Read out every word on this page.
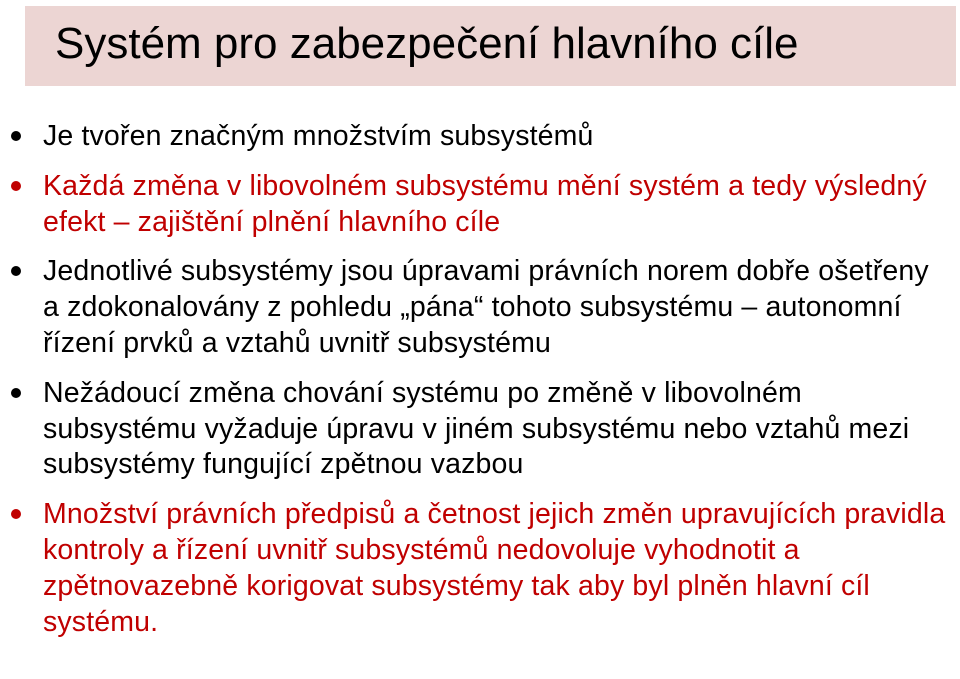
Systém pro zabezpečení hlavního cíle
Je tvořen značným množstvím subsystémů
Každá změna v libovolném subsystému mění systém a tedy výsledný efekt – zajištění plnění hlavního cíle
Jednotlivé subsystémy jsou úpravami právních norem dobře ošetřeny a zdokonalovány z pohledu „pána“ tohoto subsystému – autonomní řízení prvků a vztahů uvnitř subsystému
Nežádoucí změna chování systému po změně v libovolném subsystému vyžaduje úpravu v jiném subsystému nebo vztahů mezi subsystémy fungující zpětnou vazbou
Množství právních předpisů a četnost jejich změn upravujících pravidla kontroly a řízení uvnitř subsystémů nedovoluje vyhodnotit a zpětnovazebně korigovat subsystémy tak aby byl plněn hlavní cíl systému.
